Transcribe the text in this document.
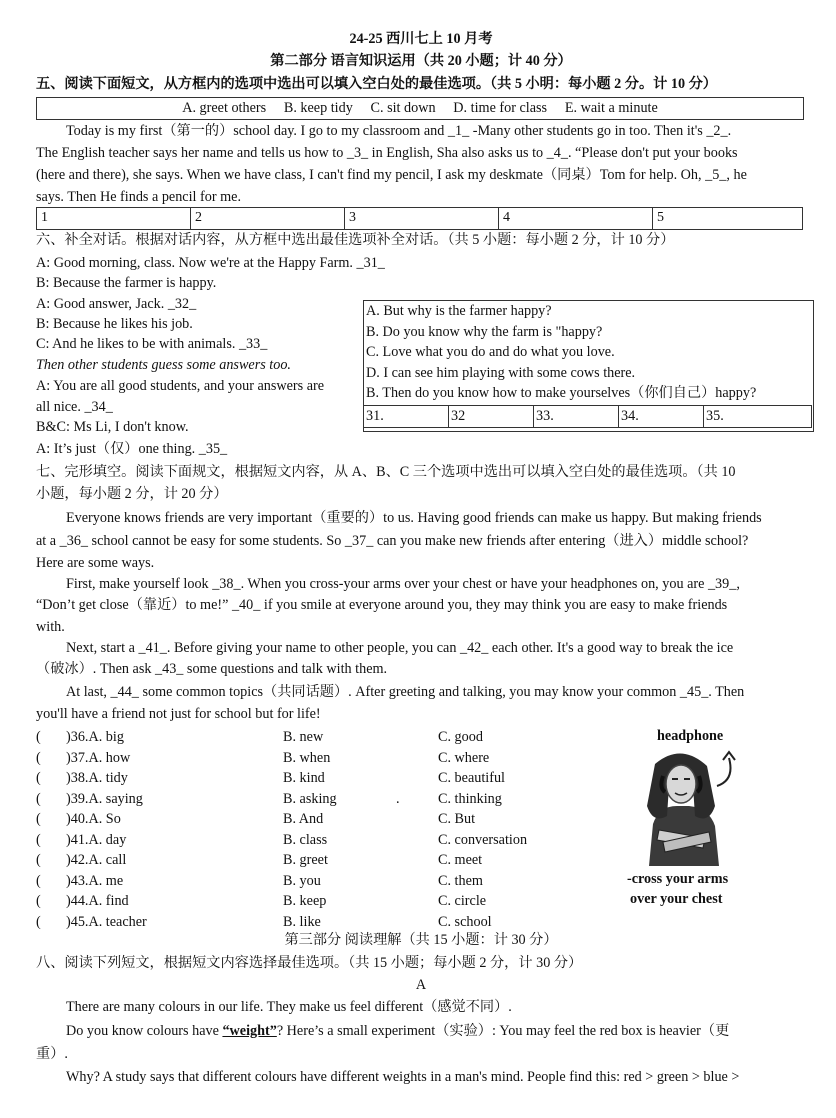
24-25 西川七上 10 月考
第二部分 语言知识运用（共 20 小题；计 40 分）
五、阅读下面短文，从方框内的选项中选出可以填入空白处的最佳选项。（共 5 小明：每小题 2 分。计 10 分）
A. greet others     B. keep tidy     C. sit down     D. time for class     E. wait a minute
Today is my first（第一的）school day. I go to my classroom and _1_ -Many other students go in too. Then it's _2_.
The English teacher says her name and tells us how to _3_ in English, Sha also asks us to _4_. “Please don't put your books
(here and there), she says. When we have class, I can't find my pencil, I ask my deskmate（同桌）Tom for help. Oh, _5_, he
says. Then He finds a pencil for me.
1	2	3	4	5
六、补全对话。根据对话内容，从方框中选出最佳选项补全对话。（共 5 小题：每小题 2 分，计 10 分）
A: Good morning, class. Now we're at the Happy Farm. _31_
B: Because the farmer is happy.
A: Good answer, Jack. _32_
B: Because he likes his job.
C: And he likes to be with animals. _33_
Then other students guess some answers too.
A: You are all good students, and your answers are
all nice. _34_
B&C: Ms Li, I don't know.
A: It’s just（仅）one thing. _35_
A. But why is the farmer happy?
B. Do you know why the farm is "happy?
C. Love what you do and do what you love.
D. I can see him playing with some cows there.
B. Then do you know how to make yourselves（你们自己）happy?
31.	32	33.	34.	35.
七、完形填空。阅读下面规文，根据短文内容，从 A、B、C 三个选项中选出可以填入空白处的最佳选项。（共 10
小题，每小题 2 分，计 20 分）
Everyone knows friends are very important（重要的）to us. Having good friends can make us happy. But making friends
at a _36_ school cannot be easy for some students. So _37_ can you make new friends after entering（进入）middle school?
Here are some ways.
First, make yourself look _38_. When you cross-your arms over your chest or have your headphones on, you are _39_,
“Don’t get close（靠近）to me!” _40_ if you smile at everyone around you, they may think you are easy to make friends
with.
Next, start a _41_. Before giving your name to other people, you can _42_ each other. It's a good way to break the ice
（破冰）. Then ask _43_ some questions and talk with them.
At last, _44_ some common topics（共同话题）. After greeting and talking, you may know your common _45_. Then
you'll have a friend not just for school but for life!
( )36.A. big	B. new	C. good
( )37.A. how	B. when	C. where
( )38.A. tidy	B. kind	C. beautiful
( )39.A. saying	B. asking	C. thinking
.
( )40.A. So	B. And	C. But
( )41.A. day	B. class	C. conversation
( )42.A. call	B. greet	C. meet
( )43.A. me	B. you	C. them
( )44.A. find	B. keep	C. circle
( )45.A. teacher	B. like	C. school
headphone
-cross your arms
over your chest
第三部分 阅读理解（共 15 小题：计 30 分）
八、阅读下列短文，根据短文内容选择最佳选项。（共 15 小题；每小题 2 分，计 30 分）
A
There are many colours in our life. They make us feel different（感觉不同）.
Do you know colours have “weight”? Here’s a small experiment（实验）: You may feel the red box is heavier（更
重）.
Why? A study says that different colours have different weights in a man's mind. People find this: red > green > blue >
